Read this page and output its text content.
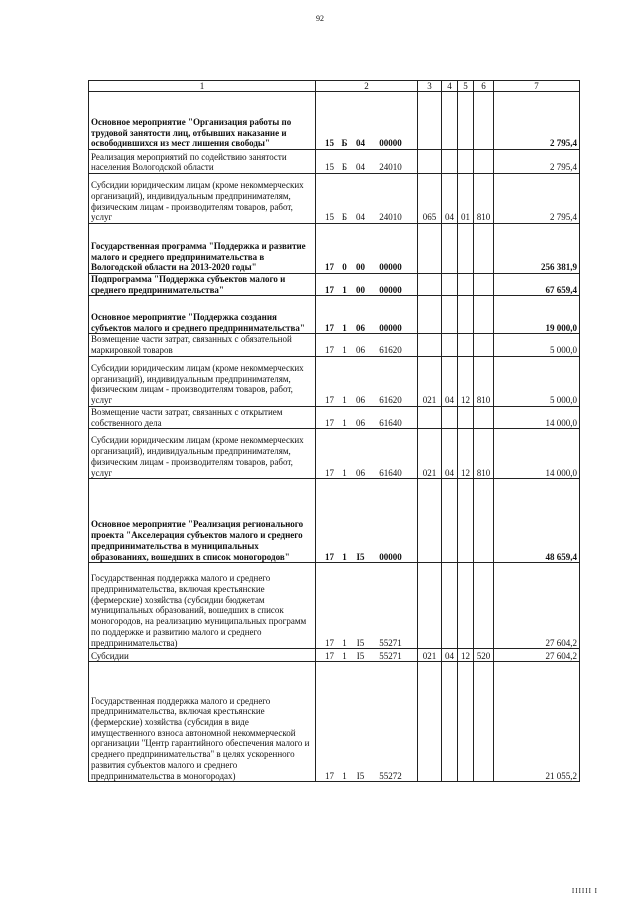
92
1	2	3	4	5	6	7
Основное мероприятие "Организация работы по трудовой занятости лиц, отбывших наказание и освободившихся из мест лишения свободы"	15 Б 04 00000					2 795,4
Реализация мероприятий по содействию занятости населения Вологодской области	15 Б 04 24010					2 795,4
Субсидии юридическим лицам (кроме некоммерческих организаций), индивидуальным предпринимателям, физическим лицам - производителям товаров, работ, услуг	15 Б 04 24010	065	04	01	810	2 795,4
Государственная программа "Поддержка и развитие малого и среднего предпринимательства в Вологодской области на 2013-2020 годы"	17 0 00 00000					256 381,9
Подпрограмма "Поддержка субъектов малого и среднего предпринимательства"	17 1 00 00000					67 659,4
Основное мероприятие "Поддержка создания субъектов малого и среднего предпринимательства"	17 1 06 00000					19 000,0
Возмещение части затрат, связанных с обязательной маркировкой товаров	17 1 06 61620					5 000,0
Субсидии юридическим лицам (кроме некоммерческих организаций), индивидуальным предпринимателям, физическим лицам - производителям товаров, работ, услуг	17 1 06 61620	021	04	12	810	5 000,0
Возмещение части затрат, связанных с открытием собственного дела	17 1 06 61640					14 000,0
Субсидии юридическим лицам (кроме некоммерческих организаций), индивидуальным предпринимателям, физическим лицам - производителям товаров, работ, услуг	17 1 06 61640	021	04	12	810	14 000,0
Основное мероприятие "Реализация регионального проекта "Акселерация субъектов малого и среднего предпринимательства в муниципальных образованиях, вошедших в список моногородов"	17 1 I5 00000					48 659,4
Государственная поддержка малого и среднего предпринимательства, включая крестьянские (фермерские) хозяйства (субсидии бюджетам муниципальных образований, вошедших в список моногородов, на реализацию муниципальных программ по поддержке и развитию малого и среднего предпринимательства)	17 1 I5 55271					27 604,2
Субсидии	17 1 I5 55271	021	04	12	520	27 604,2
Государственная поддержка малого и среднего предпринимательства, включая крестьянские (фермерские) хозяйства (субсидия в виде имущественного взноса автономной некоммерческой организации "Центр гарантийного обеспечения малого и среднего предпринимательства" в целях ускоренного развития субъектов малого и среднего предпринимательства в моногородах)	17 1 I5 55272					21 055,2
IIIIII I
